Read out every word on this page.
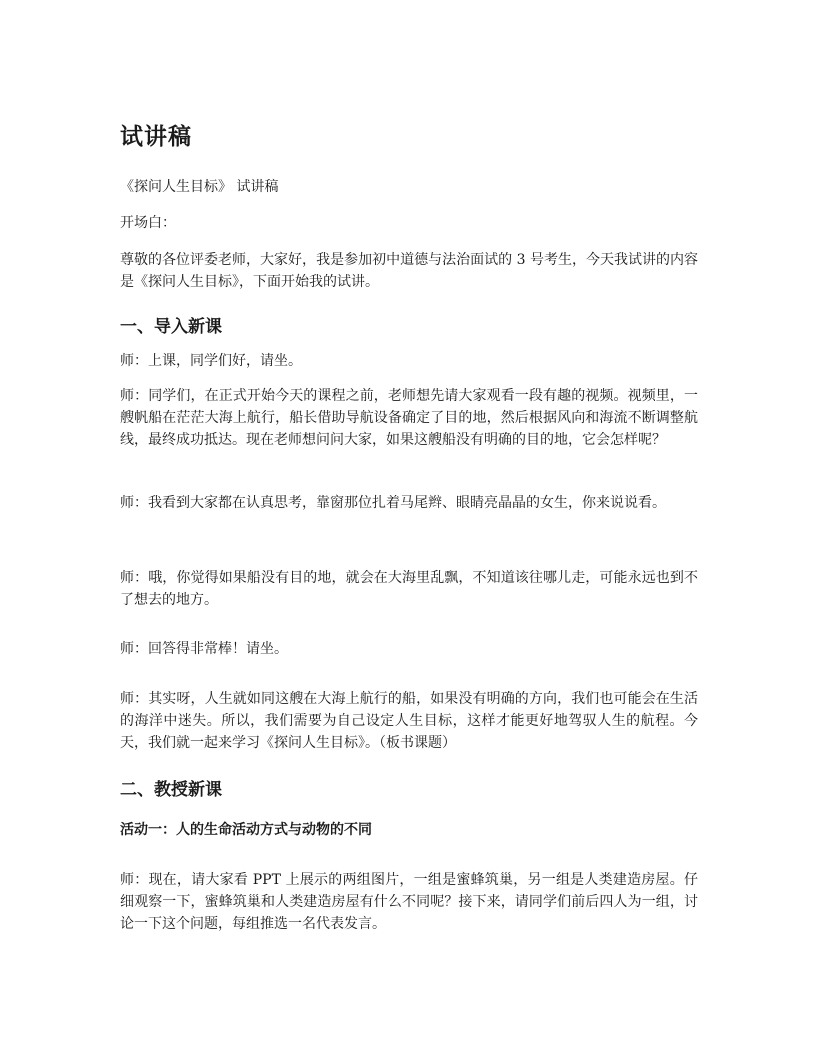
试讲稿

《探问人生目标》 试讲稿

开场白：

尊敬的各位评委老师，大家好，我是参加初中道德与法治面试的 3 号考生，今天我试讲的内容是《探问人生目标》，下面开始我的试讲。

一、导入新课

师：上课，同学们好，请坐。

师：同学们，在正式开始今天的课程之前，老师想先请大家观看一段有趣的视频。视频里，一艘帆船在茫茫大海上航行，船长借助导航设备确定了目的地，然后根据风向和海流不断调整航线，最终成功抵达。现在老师想问问大家，如果这艘船没有明确的目的地，它会怎样呢？

师：我看到大家都在认真思考，靠窗那位扎着马尾辫、眼睛亮晶晶的女生，你来说说看。

师：哦，你觉得如果船没有目的地，就会在大海里乱飘，不知道该往哪儿走，可能永远也到不了想去的地方。

师：回答得非常棒！请坐。

师：其实呀，人生就如同这艘在大海上航行的船，如果没有明确的方向，我们也可能会在生活的海洋中迷失。所以，我们需要为自己设定人生目标，这样才能更好地驾驭人生的航程。今天，我们就一起来学习《探问人生目标》。（板书课题）

二、教授新课
活动一：人的生命活动方式与动物的不同

师：现在，请大家看 PPT 上展示的两组图片，一组是蜜蜂筑巢，另一组是人类建造房屋。仔细观察一下，蜜蜂筑巢和人类建造房屋有什么不同呢？接下来，请同学们前后四人为一组，讨论一下这个问题，每组推选一名代表发言。
